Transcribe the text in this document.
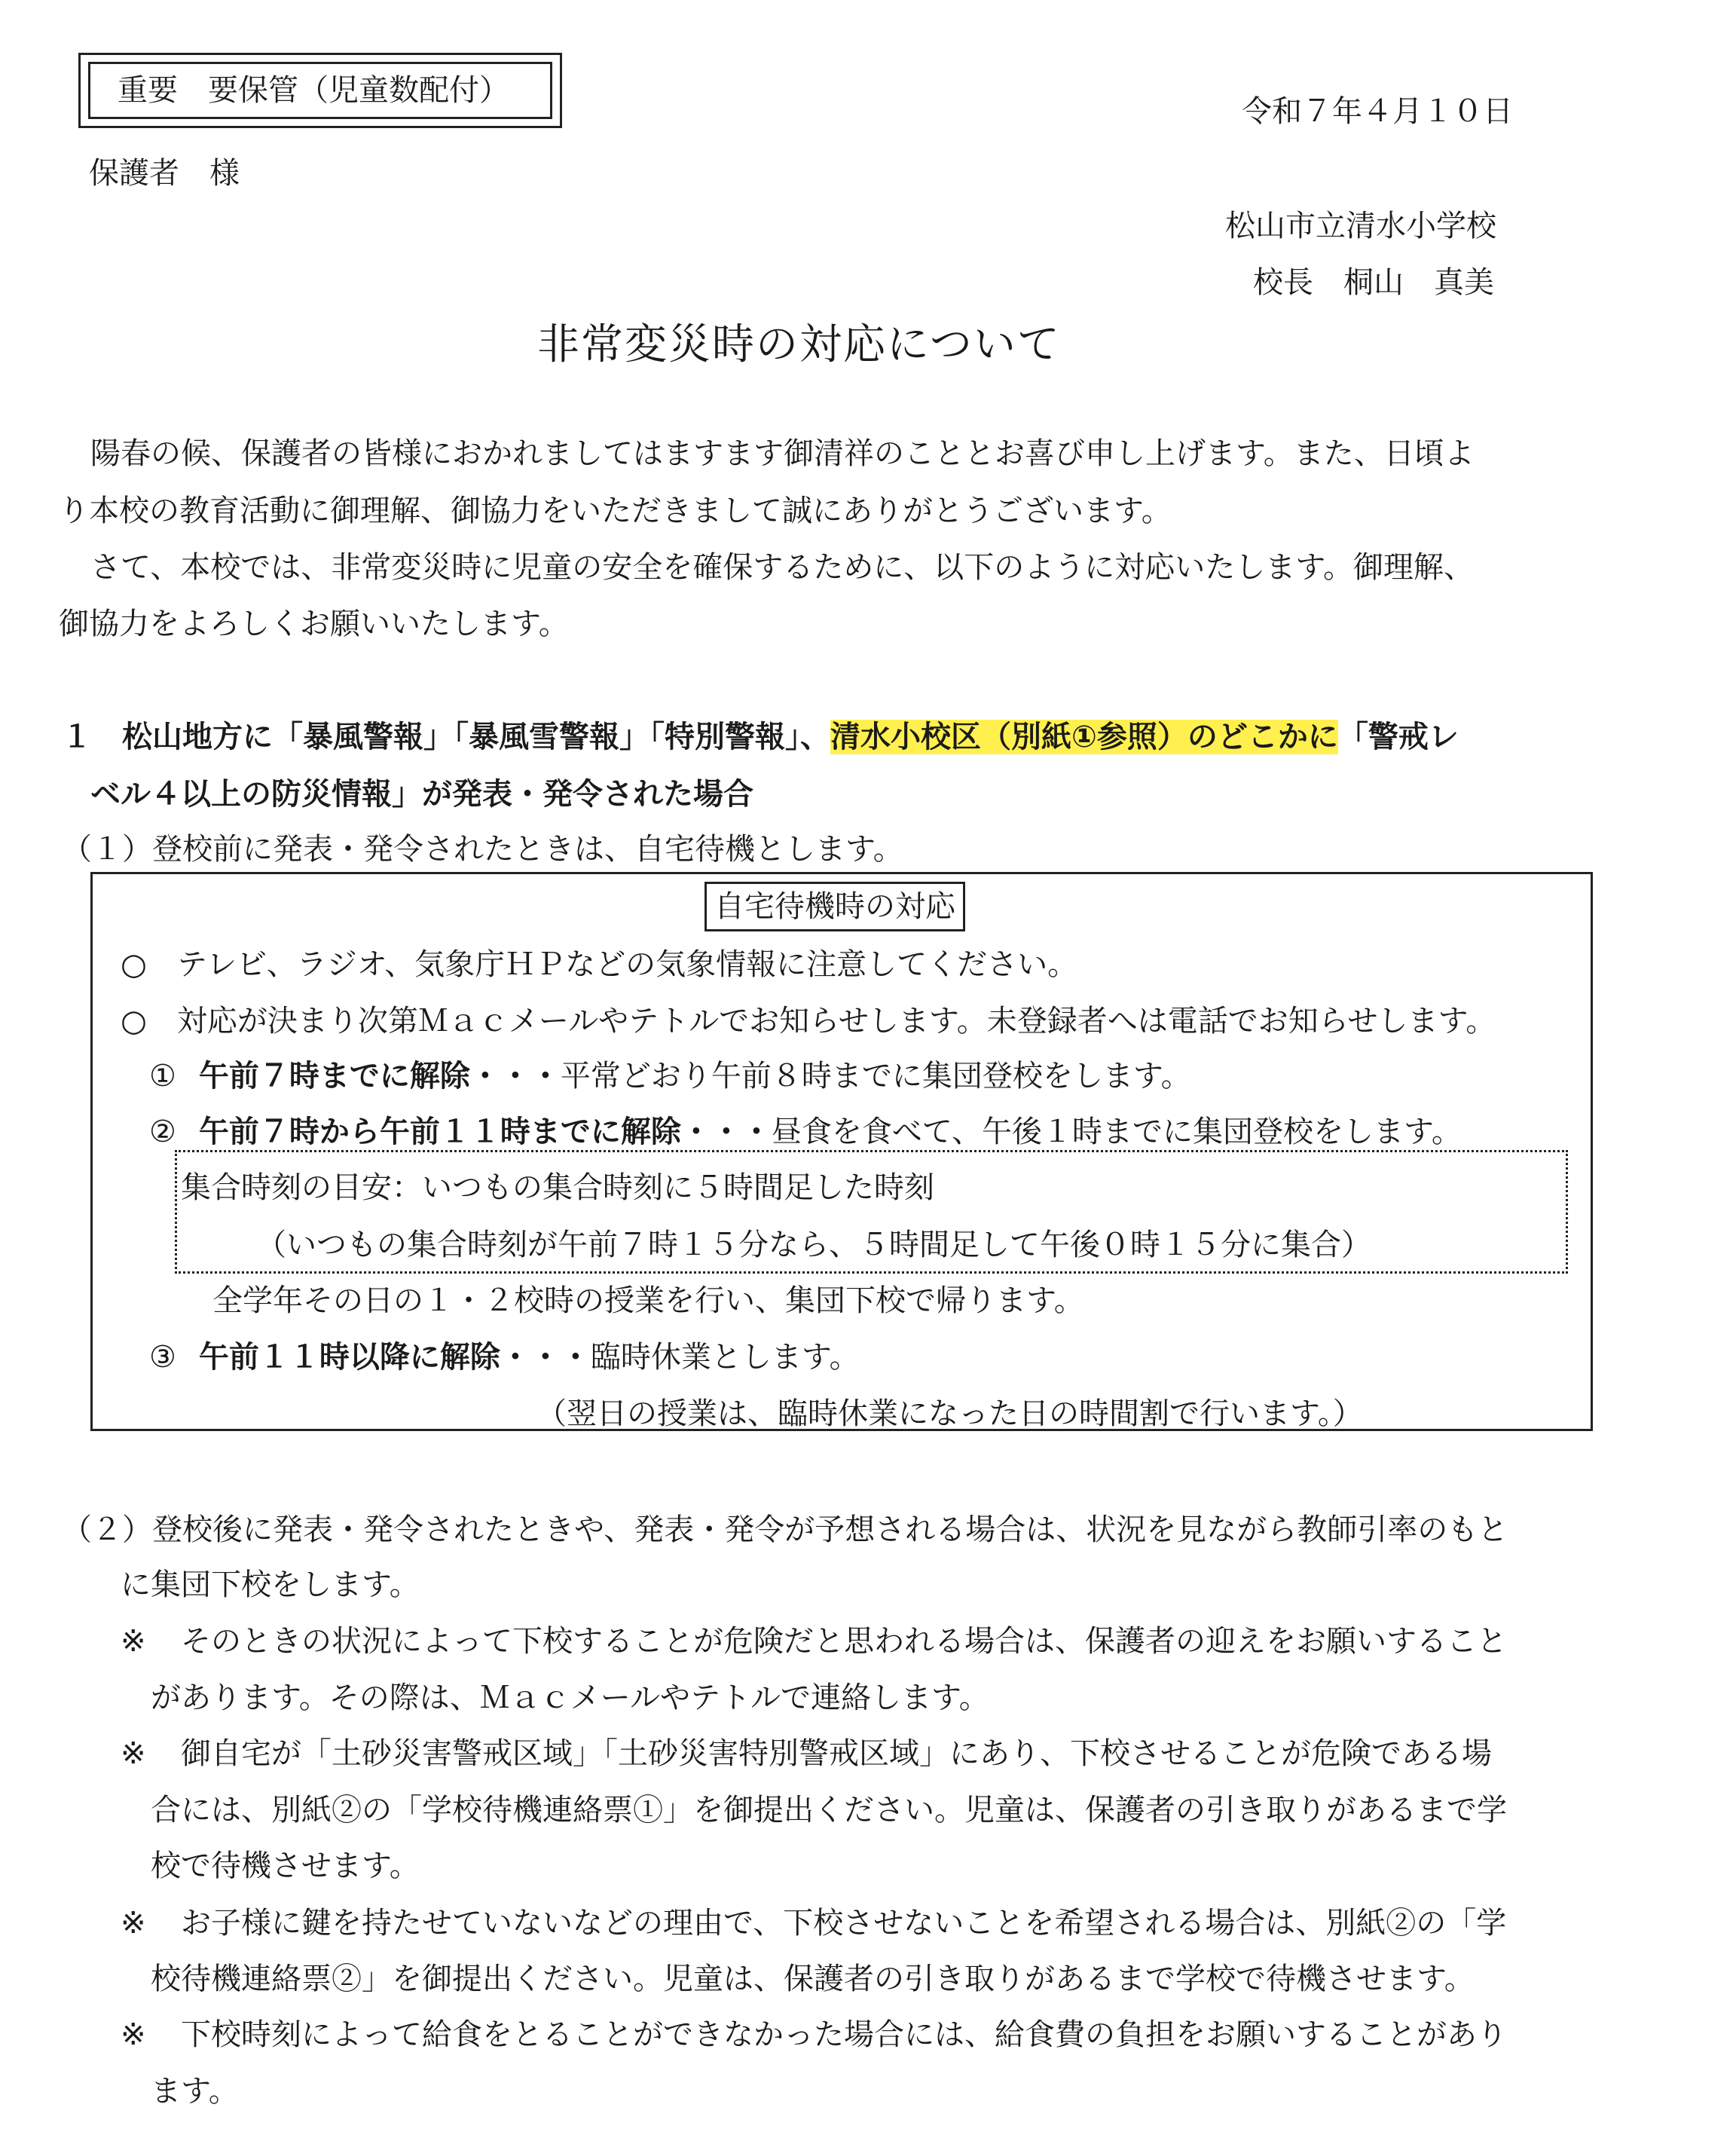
重要　要保管（児童数配付）
令和７年４月１０日
保護者　様
松山市立清水小学校
校長　桐山　真美
非常変災時の対応について
陽春の候、保護者の皆様におかれましてはますます御清祥のこととお喜び申し上げます。また、日頃よ
り本校の教育活動に御理解、御協力をいただきまして誠にありがとうございます。
さて、本校では、非常変災時に児童の安全を確保するために、以下のように対応いたします。御理解、
御協力をよろしくお願いいたします。
１　松山地方に「暴風警報」「暴風雪警報」「特別警報」、清水小校区（別紙①参照）のどこかに「警戒レ
ベル４以上の防災情報」が発表・発令された場合
（１）登校前に発表・発令されたときは、自宅待機とします。
自宅待機時の対応
○　テレビ、ラジオ、気象庁ＨＰなどの気象情報に注意してください。
○　対応が決まり次第Ｍａｃメールやテトルでお知らせします。未登録者へは電話でお知らせします。
① 午前７時までに解除・・・平常どおり午前８時までに集団登校をします。
② 午前７時から午前１１時までに解除・・・昼食を食べて、午後１時までに集団登校をします。
集合時刻の目安：いつもの集合時刻に５時間足した時刻
（いつもの集合時刻が午前７時１５分なら、５時間足して午後０時１５分に集合）
全学年その日の１・２校時の授業を行い、集団下校で帰ります。
③ 午前１１時以降に解除・・・臨時休業とします。
（翌日の授業は、臨時休業になった日の時間割で行います。）
（２）登校後に発表・発令されたときや、発表・発令が予想される場合は、状況を見ながら教師引率のもと
に集団下校をします。
※ そのときの状況によって下校することが危険だと思われる場合は、保護者の迎えをお願いすること
があります。その際は、Ｍａｃメールやテトルで連絡します。
※ 御自宅が「土砂災害警戒区域」「土砂災害特別警戒区域」にあり、下校させることが危険である場
合には、別紙②の「学校待機連絡票①」を御提出ください。児童は、保護者の引き取りがあるまで学
校で待機させます。
※ お子様に鍵を持たせていないなどの理由で、下校させないことを希望される場合は、別紙②の「学
校待機連絡票②」を御提出ください。児童は、保護者の引き取りがあるまで学校で待機させます。
※ 下校時刻によって給食をとることができなかった場合には、給食費の負担をお願いすることがあり
ます。
